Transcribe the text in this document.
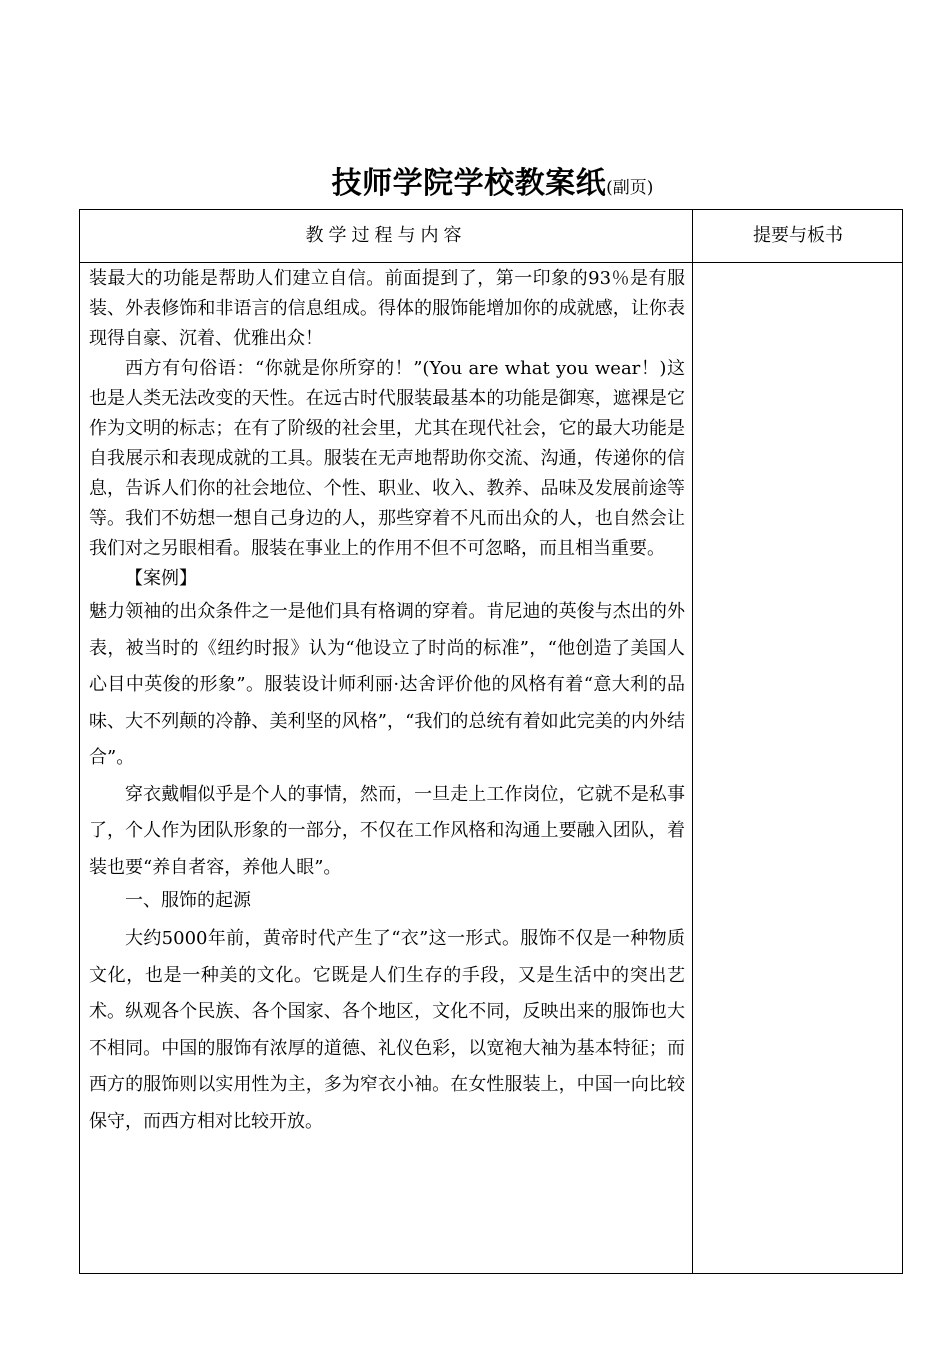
技师学院学校教案纸(副页)
教学过程与内容	提要与板书

装最大的功能是帮助人们建立自信。前面提到了，第一印象的93％是有服装、外表修饰和非语言的信息组成。得体的服饰能增加你的成就感，让你表现得自豪、沉着、优雅出众！

西方有句俗语：“你就是你所穿的！”(You are what you wear！)这也是人类无法改变的天性。在远古时代服装最基本的功能是御寒，遮裸是它作为文明的标志；在有了阶级的社会里，尤其在现代社会，它的最大功能是自我展示和表现成就的工具。服装在无声地帮助你交流、沟通，传递你的信息，告诉人们你的社会地位、个性、职业、收入、教养、品味及发展前途等等。我们不妨想一想自己身边的人，那些穿着不凡而出众的人，也自然会让我们对之另眼相看。服装在事业上的作用不但不可忽略，而且相当重要。

【案例】

魅力领袖的出众条件之一是他们具有格调的穿着。肯尼迪的英俊与杰出的外表，被当时的《纽约时报》认为“他设立了时尚的标准”，“他创造了美国人心目中英俊的形象”。服装设计师利丽·达舍评价他的风格有着“意大利的品味、大不列颠的冷静、美利坚的风格”，“我们的总统有着如此完美的内外结合”。

穿衣戴帽似乎是个人的事情，然而，一旦走上工作岗位，它就不是私事了，个人作为团队形象的一部分，不仅在工作风格和沟通上要融入团队，着装也要“养自者容，养他人眼”。

一、服饰的起源

大约5000年前，黄帝时代产生了“衣”这一形式。服饰不仅是一种物质文化，也是一种美的文化。它既是人们生存的手段，又是生活中的突出艺术。纵观各个民族、各个国家、各个地区，文化不同，反映出来的服饰也大不相同。中国的服饰有浓厚的道德、礼仪色彩，以宽袍大袖为基本特征；而西方的服饰则以实用性为主，多为窄衣小袖。在女性服装上，中国一向比较保守，而西方相对比较开放。
